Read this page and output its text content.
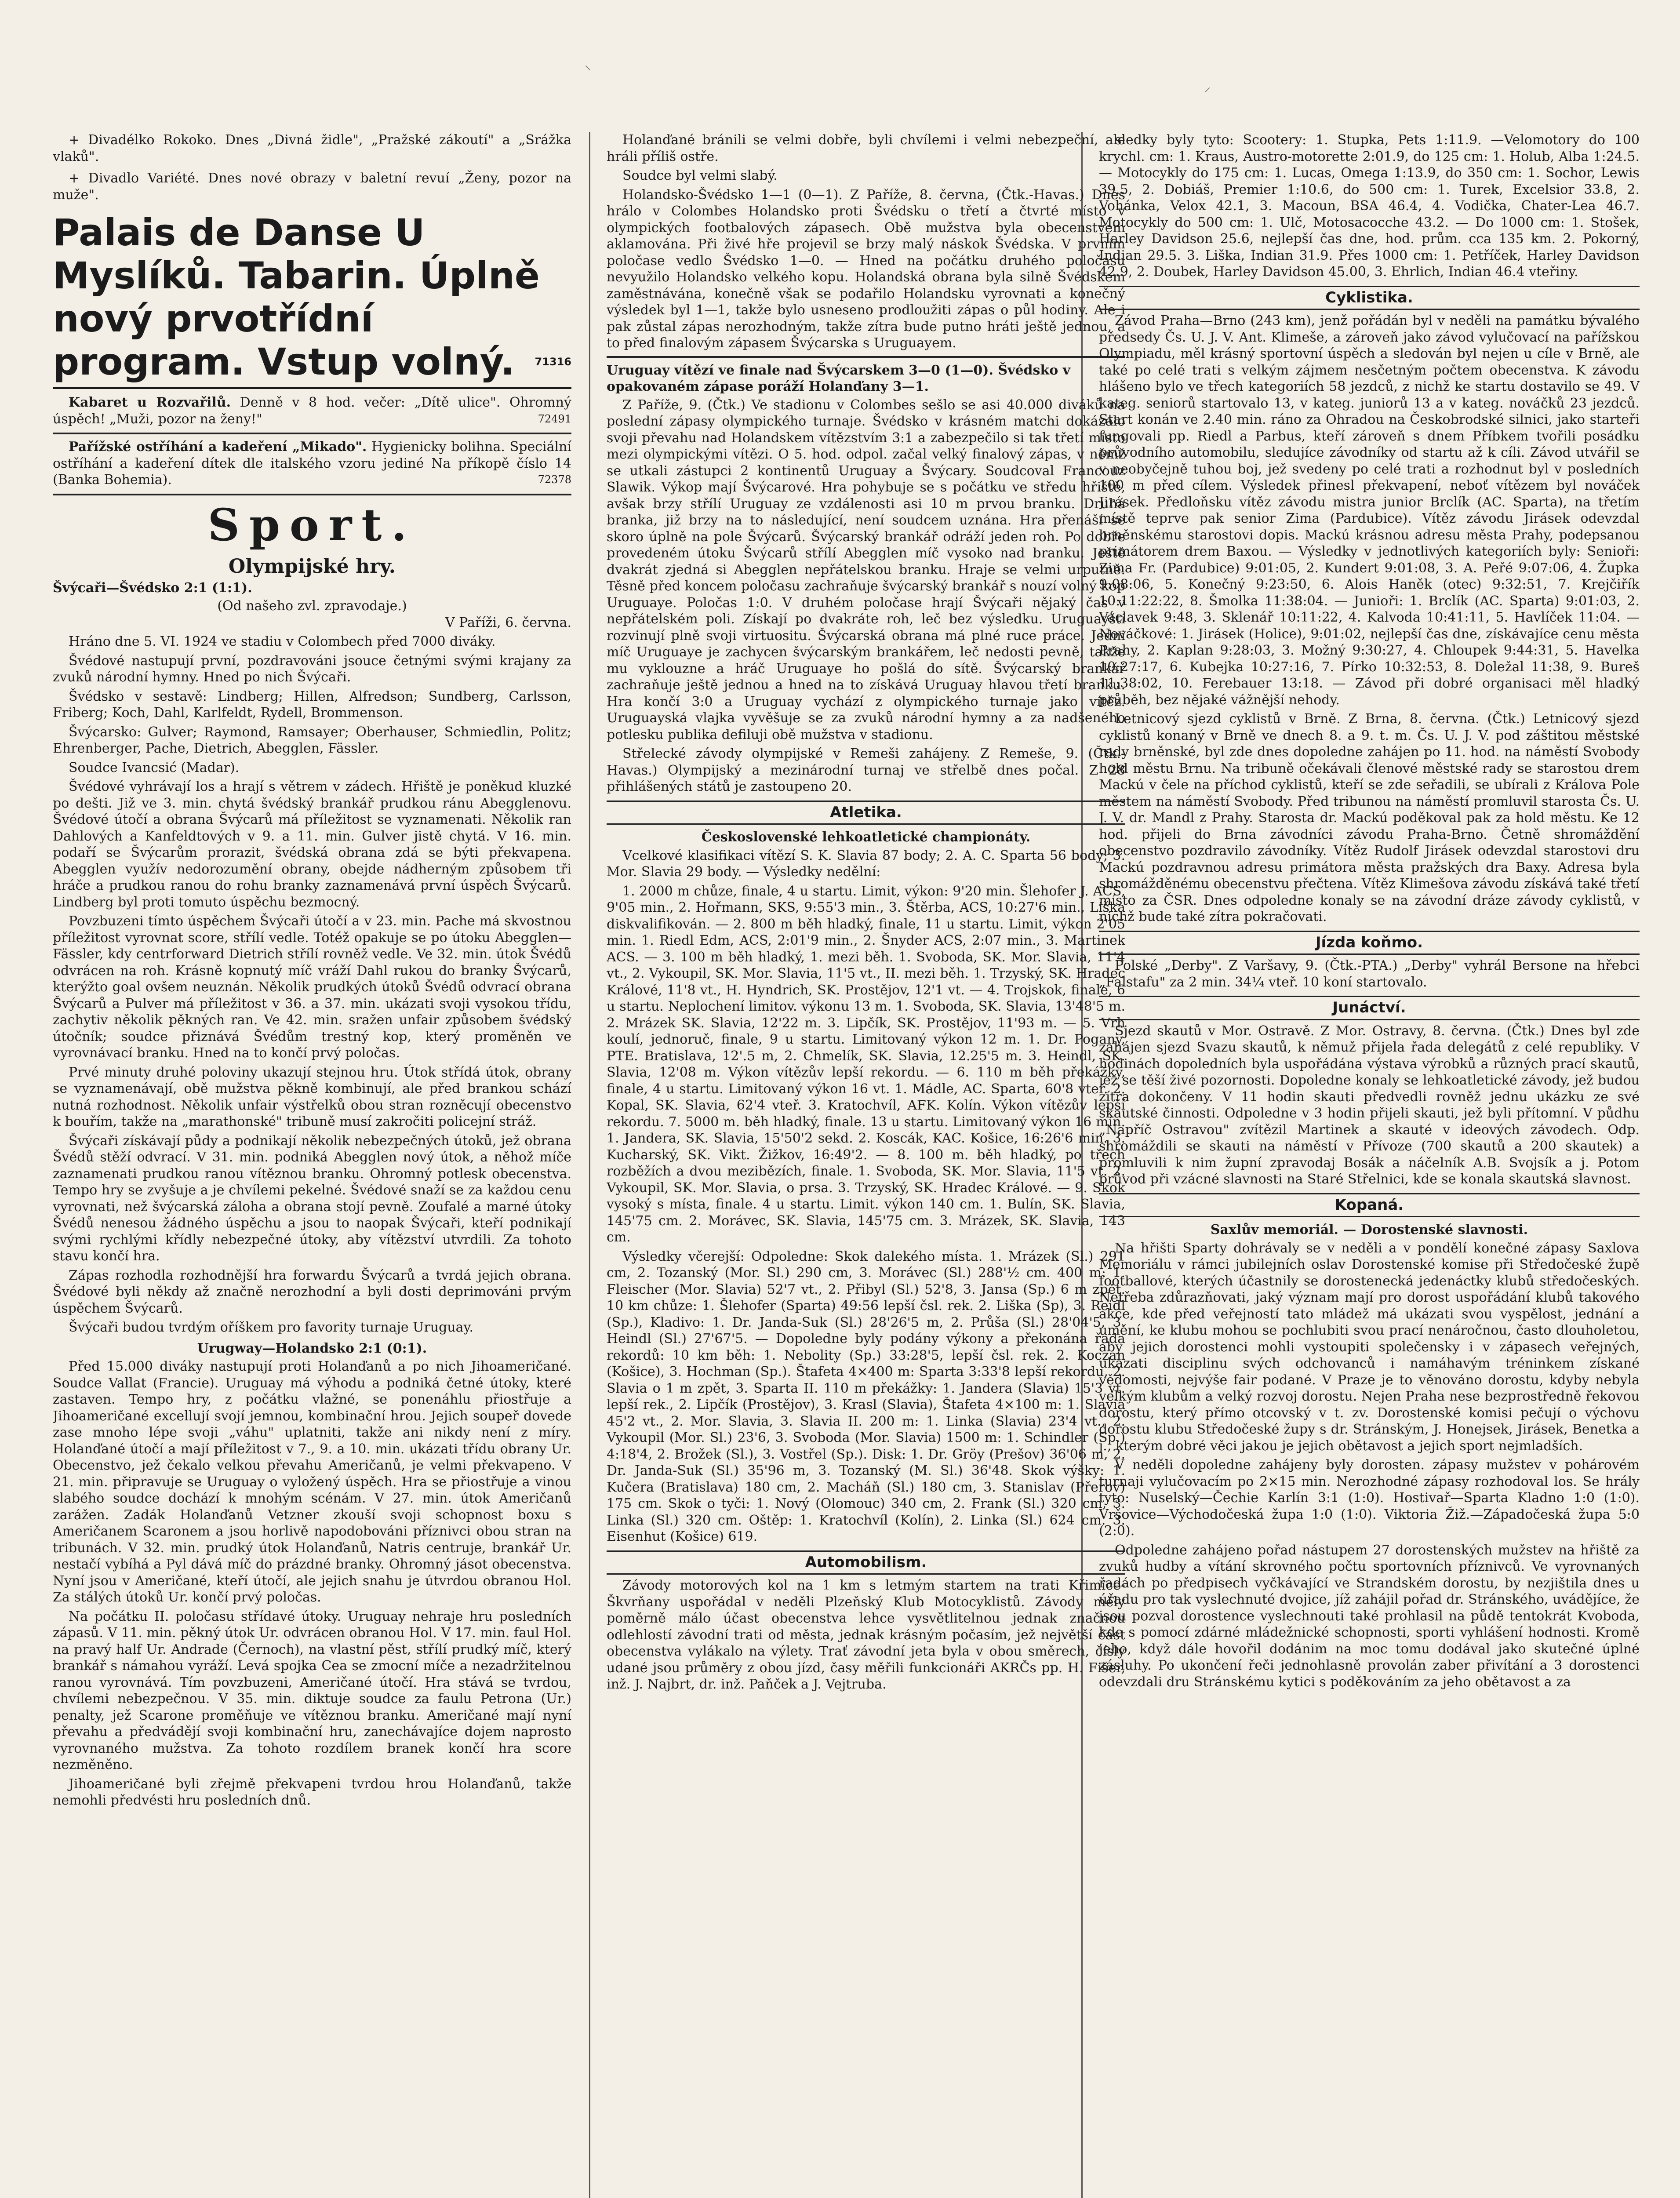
⸌
⸍

+ Divadélko Rokoko. Dnes „Divná židle", „Pražské zákoutí" a „Srážka vlaků".

+ Divadlo Variété. Dnes nové obrazy v baletní revuí „Ženy, pozor na muže".

Palais de Danse U Myslíků. Tabarin. Úplně nový prvotřídní program. Vstup volný. 71316

Kabaret u Rozvařilů. Denně v 8 hod. večer: „Dítě ulice". Ohromný úspěch! „Muži, pozor na ženy!"	72491

Pařížské ostříhání a kadeření „Mikado". Hygienicky bolihna. Speciální ostříhání a kadeření dítek dle italského vzoru jediné Na příkopě číslo 14 (Banka Bohemia).	72378

Sport.
Olympijské hry.
Švýcaři—Švédsko 2:1 (1:1).

(Od našeho zvl. zpravodaje.)

V Paříži, 6. června.

Hráno dne 5. VI. 1924 ve stadiu v Colombech před 7000 diváky.

Švédové nastupují první, pozdravováni jsouce četnými svými krajany za zvuků národní hymny. Hned po nich Švýcaři.

Švédsko v sestavě: Lindberg; Hillen, Alfredson; Sundberg, Carlsson, Friberg; Koch, Dahl, Karlfeldt, Rydell, Brommenson.

Švýcarsko: Gulver; Raymond, Ramsayer; Oberhauser, Schmiedlin, Politz; Ehrenberger, Pache, Dietrich, Abegglen, Fässler.

Soudce Ivancsić (Madar).

Švédové vyhrávají los a hrají s větrem v zádech. Hřiště je poněkud kluzké po dešti. Již ve 3. min. chytá švédský brankář prudkou ránu Abegglenovu. Švédové útočí a obrana Švýcarů má příležitost se vyznamenati. Několik ran Dahlových a Kanfeldtových v 9. a 11. min. Gulver jistě chytá. V 16. min. podaří se Švýcarům prorazit, švédská obrana zdá se býti překvapena. Abegglen využív nedorozumění obrany, obejde nádherným způsobem tři hráče a prudkou ranou do rohu branky zaznamenává první úspěch Švýcarů. Lindberg byl proti tomuto úspěchu bezmocný.

Povzbuzeni tímto úspěchem Švýcaři útočí a v 23. min. Pache má skvostnou příležitost vyrovnat score, střílí vedle. Totéž opakuje se po útoku Abegglen—Fässler, kdy centrforward Dietrich střílí rovněž vedle. Ve 32. min. útok Švédů odvrácen na roh. Krásně kopnutý míč vráží Dahl rukou do branky Švýcarů, kterýžto goal ovšem neuznán. Několik prudkých útoků Švédů odvrací obrana Švýcarů a Pulver má příležitost v 36. a 37. min. ukázati svoji vysokou třídu, zachytiv několik pěkných ran. Ve 42. min. sražen unfair způsobem švédský útočník; soudce přiznává Švédům trestný kop, který proměněn ve vyrovnávací branku. Hned na to končí prvý poločas.

Prvé minuty druhé poloviny ukazují stejnou hru. Útok střídá útok, obrany se vyznamenávají, obě mužstva pěkně kombinují, ale před brankou schází nutná rozhodnost. Několik unfair výstřelků obou stran rozněcují obecenstvo k bouřím, takže na „marathonské" tribuně musí zakročiti policejní stráž.

Švýcaři získávají půdy a podnikají několik nebezpečných útoků, jež obrana Švédů stěží odvrací. V 31. min. podniká Abegglen nový útok, a něhož míče zaznamenati prudkou ranou vítěznou branku. Ohromný potlesk obecenstva. Tempo hry se zvyšuje a je chvílemi pekelné. Švédové snaží se za každou cenu vyrovnati, než švýcarská záloha a obrana stojí pevně. Zoufalé a marné útoky Švédů nenesou žádného úspěchu a jsou to naopak Švýcaři, kteří podnikají svými rychlými křídly nebezpečné útoky, aby vítězství utvrdili. Za tohoto stavu končí hra.

Zápas rozhodla rozhodnější hra forwardu Švýcarů a tvrdá jejich obrana. Švédové byli někdy až značně nerozhodní a byli dosti deprimováni prvým úspěchem Švýcarů.

Švýcaři budou tvrdým oříškem pro favority turnaje Uruguay.

Urugway—Holandsko 2:1 (0:1).

Před 15.000 diváky nastupují proti Holanďanů a po nich Jihoameričané. Soudce Vallat (Francie). Uruguay má výhodu a podniká četné útoky, které zastaven. Tempo hry, z počátku vlažné, se ponenáhlu přiostřuje a Jihoameričané excellují svojí jemnou, kombinační hrou. Jejich soupeř dovede zase mnoho lépe svoji „váhu" uplatniti, takže ani nikdy není z míry. Holanďané útočí a mají příležitost v 7., 9. a 10. min. ukázati třídu obrany Ur. Obecenstvo, jež čekalo velkou převahu Američanů, je velmi překvapeno. V 21. min. připravuje se Uruguay o vyložený úspěch. Hra se přiostřuje a vinou slabého soudce dochází k mnohým scénám. V 27. min. útok Američanů zarážen. Zadák Holanďanů Vetzner zkouší svoji schopnost boxu s Američanem Scaronem a jsou horlivě napodobováni příznivci obou stran na tribunách. V 32. min. prudký útok Holanďanů, Natris centruje, brankář Ur. nestačí vybíhá a Pyl dává míč do prázdné branky. Ohromný jásot obecenstva. Nyní jsou v Američané, kteří útočí, ale jejich snahu je útvrdou obranou Hol. Za stálých útoků Ur. končí prvý poločas.

Na počátku II. poločasu střídavé útoky. Uruguay nehraje hru posledních zápasů. V 11. min. pěkný útok Ur. odvrácen obranou Hol. V 17. min. faul Hol. na pravý half Ur. Andrade (Černoch), na vlastní pěst, střílí prudký míč, který brankář s námahou vyráží. Levá spojka Cea se zmocní míče a nezadržitelnou ranou vyrovnává. Tím povzbuzeni, Američané útočí. Hra stává se tvrdou, chvílemi nebezpečnou. V 35. min. diktuje soudce za faulu Petrona (Ur.) penalty, jež Scarone proměňuje ve vítěznou branku. Američané mají nyní převahu a předvádějí svoji kombinační hru, zanechávajíce dojem naprosto vyrovnaného mužstva. Za tohoto rozdílem branek končí hra score nezměněno.

Jihoameričané byli zřejmě překvapeni tvrdou hrou Holanďanů, takže nemohli předvésti hru posledních dnů.

Holanďané bránili se velmi dobře, byli chvílemi i velmi nebezpeční, ale hráli příliš ostře.

Soudce byl velmi slabý.

Holandsko-Švédsko 1—1 (0—1). Z Paříže, 8. června, (Čtk.-Havas.) Dnes hrálo v Colombes Holandsko proti Švédsku o třetí a čtvrté místo v olympických footbalových zápasech. Obě mužstva byla obecenstvem aklamována. Při živé hře projevil se brzy malý náskok Švédska. V prvním poločase vedlo Švédsko 1—0. — Hned na počátku druhého poločasu nevyužilo Holandsko velkého kopu. Holandská obrana byla silně Švédskem zaměstnávána, konečně však se podařilo Holandsku vyrovnati a konečný výsledek byl 1—1, takže bylo usneseno prodloužiti zápas o půl hodiny. Ale i pak zůstal zápas nerozhodným, takže zítra bude putno hráti ještě jednou, a to před finalovým zápasem Švýcarska s Uruguayem.

Uruguay vítězí ve finale nad Švýcarskem 3—0 (1—0). Švédsko v opakovaném zápase poráží Holanďany 3—1.

Z Paříže, 9. (Čtk.) Ve stadionu v Colombes sešlo se asi 40.000 diváků na poslední zápasy olympického turnaje. Švédsko v krásném matchi dokázalo svoji převahu nad Holandskem vítězstvím 3:1 a zabezpečilo si tak třetí místo mezi olympickými vítězi. O 5. hod. odpol. začal velký finalový zápas, v němž se utkali zástupci 2 kontinentů Uruguay a Švýcary. Soudcoval Francouz Slawik. Výkop mají Švýcarové. Hra pohybuje se s počátku ve středu hřiště, avšak brzy střílí Uruguay ze vzdálenosti asi 10 m prvou branku. Druhá branka, již brzy na to následující, není soudcem uznána. Hra přenáší se skoro úplně na pole Švýcarů. Švýcarský brankář odráží jeden roh. Po dobře provedeném útoku Švýcarů střílí Abegglen míč vysoko nad branku. Ještě dvakrát zjedná si Abegglen nepřátelskou branku. Hraje se velmi urputně. Těsně před koncem poločasu zachraňuje švýcarský brankář s nouzí volný kop Uruguaye. Poločas 1:0. V druhém poločase hrají Švýcaři nějaký čas v nepřátelském poli. Získají po dvakráte roh, leč bez výsledku. Uruguayští rozvinují plně svoji virtuositu. Švýcarská obrana má plné ruce práce. Jedni míč Uruguaye je zachycen švýcarským brankářem, leč nedosti pevně, takže mu vyklouzne a hráč Uruguaye ho pošlá do sítě. Švýcarský brankář zachraňuje ještě jednou a hned na to získává Uruguay hlavou třetí branku. Hra končí 3:0 a Uruguay vychází z olympického turnaje jako vítěz. Uruguayská vlajka vyvěšuje se za zvuků národní hymny a za nadšeného potlesku publika defiluji obě mužstva v stadionu.

Střelecké závody olympijské v Remeši zahájeny. Z Remeše, 9. (Čtk.-Havas.) Olympijský a mezinárodní turnaj ve střelbě dnes počal. Z 28 přihlášených států je zastoupeno 20.

Atletika.
Československé lehkoatletické championáty.

Vcelkové klasifikaci vítězí S. K. Slavia 87 body; 2. A. C. Sparta 56 body; 3. Mor. Slavia 29 body. — Výsledky nedělní:

1. 2000 m chůze, finale, 4 u startu. Limit, výkon: 9'20 min. Šlehofer J. ACS, 9'05 min., 2. Hořmann, SKS, 9:55'3 min., 3. Štěrba, ACS, 10:27'6 min., Liška diskvalifikován. — 2. 800 m běh hladký, finale, 11 u startu. Limit, výkon 2'05 min. 1. Riedl Edm, ACS, 2:01'9 min., 2. Šnyder ACS, 2:07 min., 3. Martinek ACS. — 3. 100 m běh hladký, 1. mezi běh. 1. Svoboda, SK. Mor. Slavia, 11'4 vt., 2. Vykoupil, SK. Mor. Slavia, 11'5 vt., II. mezi běh. 1. Trzyský, SK. Hradec Králové, 11'8 vt., H. Hyndrich, SK. Prostějov, 12'1 vt. — 4. Trojskok, finale, 6 u startu. Neplochení limitov. výkonu 13 m. 1. Svoboda, SK. Slavia, 13'48'5 m. 2. Mrázek SK. Slavia, 12'22 m. 3. Lipčík, SK. Prostějov, 11'93 m. — 5. Vrh koulí, jednoruč, finale, 9 u startu. Limitovaný výkon 12 m. 1. Dr. Pogany, PTE. Bratislava, 12'.5 m, 2. Chmelík, SK. Slavia, 12.25'5 m. 3. Heindl, SK. Slavia, 12'08 m. Výkon vítězův lepší rekordu. — 6. 110 m běh překážky, finale, 4 u startu. Limitovaný výkon 16 vt. 1. Mádle, AC. Sparta, 60'8 vteř. 2. Kopal, SK. Slavia, 62'4 vteř. 3. Kratochvíl, AFK. Kolín. Výkon vítězův lepší rekordu. 7. 5000 m. běh hladký, finale. 13 u startu. Limitovaný výkon 16 min. 1. Jandera, SK. Slavia, 15'50'2 sekd. 2. Koscák, KAC. Košice, 16:26'6 min. 3. Kucharský, SK. Vikt. Žižkov, 16:49'2. — 8. 100 m. běh hladký, po třech rozběžích a dvou mezibězích, finale. 1. Svoboda, SK. Mor. Slavia, 11'5 vt. 2. Vykoupil, SK. Mor. Slavia, o prsa. 3. Trzyský, SK. Hradec Králové. — 9. Skok vysoký s místa, finale. 4 u startu. Limit. výkon 140 cm. 1. Bulín, SK. Slavia, 145'75 cm. 2. Morávec, SK. Slavia, 145'75 cm. 3. Mrázek, SK. Slavia, 143 cm.

Výsledky včerejší: Odpoledne: Skok dalekého místa. 1. Mrázek (Sl.) 291 cm, 2. Tozanský (Mor. Sl.) 290 cm, 3. Morávec (Sl.) 288'½ cm. 400 m: 1. Fleischer (Mor. Slavia) 52'7 vt., 2. Přibyl (Sl.) 52'8, 3. Jansa (Sp.) 6 m zpět. 10 km chůze: 1. Šlehofer (Sparta) 49:56 lepší čsl. rek. 2. Liška (Sp), 3. Reidl (Sp.), Kladivo: 1. Dr. Janda-Suk (Sl.) 28'26'5 m, 2. Průša (Sl.) 28'04'5, 3. Heindl (Sl.) 27'67'5. — Dopoledne byly podány výkony a překonána řada rekordů: 10 km běh: 1. Nebolity (Sp.) 33:28'5, lepší čsl. rek. 2. Koczan (Košice), 3. Hochman (Sp.). Štafeta 4×400 m: Sparta 3:33'8 lepší rekordu, 2. Slavia o 1 m zpět, 3. Sparta II. 110 m překážky: 1. Jandera (Slavia) 15'3 vt. lepší rek., 2. Lipčík (Prostějov), 3. Krasl (Slavia), Štafeta 4×100 m: 1. Slavia 45'2 vt., 2. Mor. Slavia, 3. Slavia II. 200 m: 1. Linka (Slavia) 23'4 vt., 2. Vykoupil (Mor. Sl.) 23'6, 3. Svoboda (Mor. Slavia) 1500 m: 1. Schindler (Sp.) 4:18'4, 2. Brožek (Sl.), 3. Vostřel (Sp.). Disk: 1. Dr. Gröy (Prešov) 36'06 m, 2. Dr. Janda-Suk (Sl.) 35'96 m, 3. Tozanský (M. Sl.) 36'48. Skok výšky: 1. Kučera (Bratislava) 180 cm, 2. Macháň (Sl.) 180 cm, 3. Stanislav (Přerov) 175 cm. Skok o tyči: 1. Nový (Olomouc) 340 cm, 2. Frank (Sl.) 320 cm, 3. Linka (Sl.) 320 cm. Oštěp: 1. Kratochvíl (Kolín), 2. Linka (Sl.) 624 cm. 3. Eisenhut (Košice) 619.

Automobilism.

Závody motorových kol na 1 km s letmým startem na trati Křimice-Škvrňany uspořádal v neděli Plzeňský Klub Motocyklistů. Závody měly poměrně málo účast obecenstva lehce vysvětlitelnou jednak značnou odlehlostí závodní trati od města, jednak krásným počasím, jež největší část obecenstva vylákalo na výlety. Trať závodní jeta byla v obou směrech, čísly udané jsou průměry z obou jízd, časy měřili funkcionáři AKRČs pp. H. Fišer, inž. J. Najbrt, dr. inž. Paňček a J. Vejtruba.

sledky byly tyto: Scootery: 1. Stupka, Pets 1:11.9. —Velomotory do 100 krychl. cm: 1. Kraus, Austro-motorette 2:01.9, do 125 cm: 1. Holub, Alba 1:24.5. — Motocykly do 175 cm: 1. Lucas, Omega 1:13.9, do 350 cm: 1. Sochor, Lewis 39.5, 2. Dobiáš, Premier 1:10.6, do 500 cm: 1. Turek, Excelsior 33.8, 2. Vohánka, Velox 42.1, 3. Macoun, BSA 46.4, 4. Vodička, Chater-Lea 46.7. Motocykly do 500 cm: 1. Ulč, Motosacocche 43.2. — Do 1000 cm: 1. Stošek, Harley Davidson 25.6, nejlepší čas dne, hod. prům. cca 135 km. 2. Pokorný, Indian 29.5. 3. Liška, Indian 31.9. Přes 1000 cm: 1. Petříček, Harley Davidson 42.9, 2. Doubek, Harley Davidson 45.00, 3. Ehrlich, Indian 46.4 vteřiny.

Cyklistika.

Závod Praha—Brno (243 km), jenž pořádán byl v neděli na památku bývalého předsedy Čs. U. J. V. Ant. Klimeše, a zároveň jako závod vylučovací na pařížskou Olympiadu, měl krásný sportovní úspěch a sledován byl nejen u cíle v Brně, ale také po celé trati s velkým zájmem nesčetným počtem obecenstva. K závodu hlášeno bylo ve třech kategoriích 58 jezdců, z nichž ke startu dostavilo se 49. V kateg. seniorů startovalo 13, v kateg. juniorů 13 a v kateg. nováčků 23 jezdců. Start konán ve 2.40 min. ráno za Ohradou na Českobrodské silnici, jako starteři fungovali pp. Riedl a Parbus, kteří zároveň s dnem Příbkem tvořili posádku průvodního automobilu, sledujíce závodníky od startu až k cíli. Závod utvářil se v neobyčejně tuhou boj, jež svedeny po celé trati a rozhodnut byl v posledních 100 m před cílem. Výsledek přinesl překvapení, neboť vítězem byl nováček Jirásek. Předloňsku vítěz závodu mistra junior Brclík (AC. Sparta), na třetím místě teprve pak senior Zima (Pardubice). Vítěz závodu Jirásek odevzdal brněnskému starostovi dopis. Mackú krásnou adresu města Prahy, podepsanou primátorem drem Baxou. — Výsledky v jednotlivých kategoriích byly: Senioři: Zima Fr. (Pardubice) 9:01:05, 2. Kundert 9:01:08, 3. A. Peřé 9:07:06, 4. Župka 9:08:06, 5. Konečný 9:23:50, 6. Alois Haněk (otec) 9:32:51, 7. Krejčiřík 10:11:22:22, 8. Šmolka 11:38:04. — Junioři: 1. Brclík (AC. Sparta) 9:01:03, 2. Václavek 9:48, 3. Sklenář 10:11:22, 4. Kalvoda 10:41:11, 5. Havlíček 11:04. — Nováčkové: 1. Jirásek (Holice), 9:01:02, nejlepší čas dne, získávajíce cenu města Prahy, 2. Kaplan 9:28:03, 3. Možný 9:30:27, 4. Chloupek 9:44:31, 5. Havelka 10:27:17, 6. Kubejka 10:27:16, 7. Pírko 10:32:53, 8. Doležal 11:38, 9. Bureš 11:38:02, 10. Ferebauer 13:18. — Závod při dobré organisaci měl hladký průběh, bez nějaké vážnější nehody.

Letnicový sjezd cyklistů v Brně. Z Brna, 8. června. (Čtk.) Letnicový sjezd cyklistů konaný v Brně ve dnech 8. a 9. t. m. Čs. U. J. V. pod záštitou městské rady brněnské, byl zde dnes dopoledne zahájen po 11. hod. na náměstí Svobody hold městu Brnu. Na tribuně očekávali členové městské rady se starostou drem Mackú v čele na příchod cyklistů, kteří se zde seřadili, se ubírali z Králova Pole městem na náměstí Svobody. Před tribunou na náměstí promluvil starosta Čs. U. J. V. dr. Mandl z Prahy. Starosta dr. Mackú poděkoval pak za hold městu. Ke 12 hod. přijeli do Brna závodníci závodu Praha-Brno. Četně shromáždění obecenstvo pozdravilo závodníky. Vítěz Rudolf Jirásek odevzdal starostovi dru Mackú pozdravnou adresu primátora města pražských dra Baxy. Adresa byla shromážděnému obecenstvu přečtena. Vítěz Klimešova závodu získává také třetí místo za ČSR. Dnes odpoledne konaly se na závodní dráze závody cyklistů, v nichž bude také zítra pokračovati.

Jízda koňmo.

Polské „Derby". Z Varšavy, 9. (Čtk.-PTA.) „Derby" vyhrál Bersone na hřebci „Falstafu" za 2 min. 34¼ vteř. 10 koní startovalo.

Junáctví.

Sjezd skautů v Mor. Ostravě. Z Mor. Ostravy, 8. června. (Čtk.) Dnes byl zde zahájen sjezd Svazu skautů, k němuž přijela řada delegátů z celé republiky. V hodinách dopoledních byla uspořádána výstava výrobků a různých prací skautů, jež se těší živé pozornosti. Dopoledne konaly se lehkoatletické závody, jež budou zítra dokončeny. V 11 hodin skauti předvedli rovněž jednu ukázku ze své skautské činnosti. Odpoledne v 3 hodin přijeli skauti, jež byli přítomní. V půdhu „Napříč Ostravou" zvítězil Martinek a skauté v ideových závodech. Odp. shromáždili se skauti na náměstí v Přívoze (700 skautů a 200 skautek) a promluvili k nim župní zpravodaj Bosák a náčelník A.B. Svojsík a j. Potom průvod při vzácné slavnosti na Staré Střelnici, kde se konala skautská slavnost.

Kopaná.
Saxlův memoriál. — Dorostenské slavnosti.

Na hřišti Sparty dohrávaly se v neděli a v pondělí konečné zápasy Saxlova Memoriálu v rámci jubilejních oslav Dorostenské komise při Středočeské župě footballové, kterých účastnily se dorostenecká jedenáctky klubů středočeských. Netřeba zdůrazňovati, jaký význam mají pro dorost uspořádání klubů takového akce, kde před veřejností tato mládež má ukázati svou vyspělost, jednání a umění, ke klubu mohou se pochlubiti svou prací nenáročnou, často dlouholetou, aby jejich dorostenci mohli vystoupiti společensky i v zápasech veřejných, ukazati disciplinu svých odchovanců i namáhavým tréninkem získané vědomosti, nejvýše fair podané. V Praze je to věnováno dorostu, kdyby nebyla velkým klubům a velký rozvoj dorostu. Nejen Praha nese bezprostředně řekovou dorostu, který přímo otcovský v t. zv. Dorostenské komisi pečují o výchovu dorostu klubu Středočeské župy s dr. Stránským, J. Honejsek, Jirásek, Benetka a j., kterým dobré věci jakou je jejich obětavost a jejich sport nejmladších.

V neděli dopoledne zahájeny byly dorosten. zápasy mužstev v pohárovém turnaji vylučovacím po 2×15 min. Nerozhodné zápasy rozhodoval los. Se hrály tyto: Nuselský—Čechie Karlín 3:1 (1:0). Hostivař—Sparta Kladno 1:0 (1:0). Vršovice—Východočeská župa 1:0 (1:0). Viktoria Žiž.—Západočeská župa 5:0 (2:0).

Odpoledne zahájeno pořad nástupem 27 dorostenských mužstev na hřiště za zvuků hudby a vítání skrovného počtu sportovních příznivců. Ve vyrovnaných řadách po předpisech vyčkávající ve Strandském dorostu, by nezjištila dnes u úřadu pro tak vyslechnuté dvojice, jíž zahájil pořad dr. Stránského, uvádějíce, že jsou pozval dorostence vyslechnouti také prohlasil na půdě tentokrát Kvoboda, kde s pomocí zdárné mládežnické schopnosti, sporti vyhlášení hodnosti. Kromě jeho, když dále hovořil dodánim na moc tomu dodával jako skutečné úplné zásluhy. Po ukončení řeči jednohlasně provolán zaber přivítání a 3 dorostenci odevzdali dru Stránskému kytici s poděkováním za jeho obětavost a za
